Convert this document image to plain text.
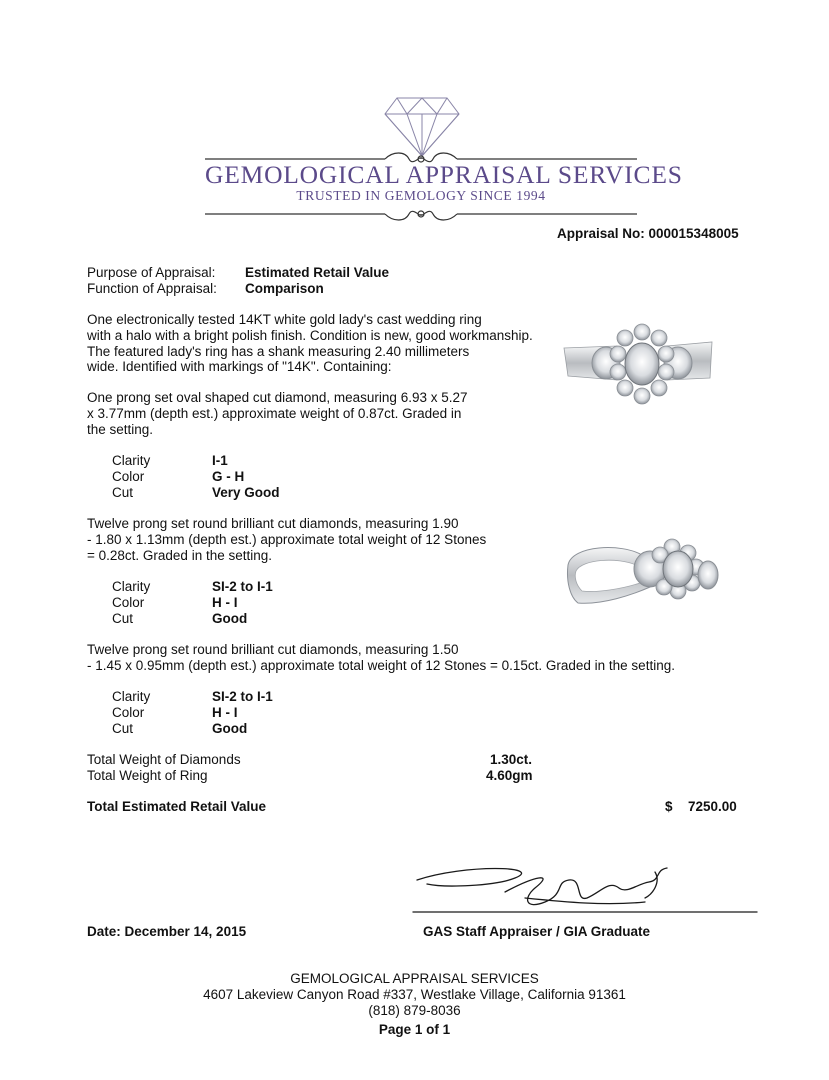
GEMOLOGICAL APPRAISAL SERVICES
TRUSTED IN GEMOLOGY SINCE 1994
Appraisal No: 000015348005
Purpose of Appraisal: Estimated Retail Value
Function of Appraisal: Comparison
One electronically tested 14KT white gold lady's cast wedding ring
with a halo with a bright polish finish. Condition is new, good workmanship.
The featured lady's ring has a shank measuring 2.40 millimeters
wide. Identified with markings of "14K". Containing:
One prong set oval shaped cut diamond, measuring 6.93 x 5.27
x 3.77mm (depth est.) approximate weight of 0.87ct. Graded in
the setting.
Clarity	I-1
Color	G - H
Cut	Very Good
Twelve prong set round brilliant cut diamonds, measuring 1.90
- 1.80 x 1.13mm (depth est.) approximate total weight of 12 Stones
= 0.28ct. Graded in the setting.
Clarity	SI-2 to I-1
Color	H - I
Cut	Good
Twelve prong set round brilliant cut diamonds, measuring 1.50
- 1.45 x 0.95mm (depth est.) approximate total weight of 12 Stones = 0.15ct. Graded in the setting.
Clarity	SI-2 to I-1
Color	H - I
Cut	Good
Total Weight of Diamonds	1.30ct.
Total Weight of Ring	4.60gm
Total Estimated Retail Value	$ 7250.00
Date: December 14, 2015	GAS Staff Appraiser / GIA Graduate
GEMOLOGICAL APPRAISAL SERVICES
4607 Lakeview Canyon Road #337, Westlake Village, California 91361
(818) 879-8036
Page 1 of 1
